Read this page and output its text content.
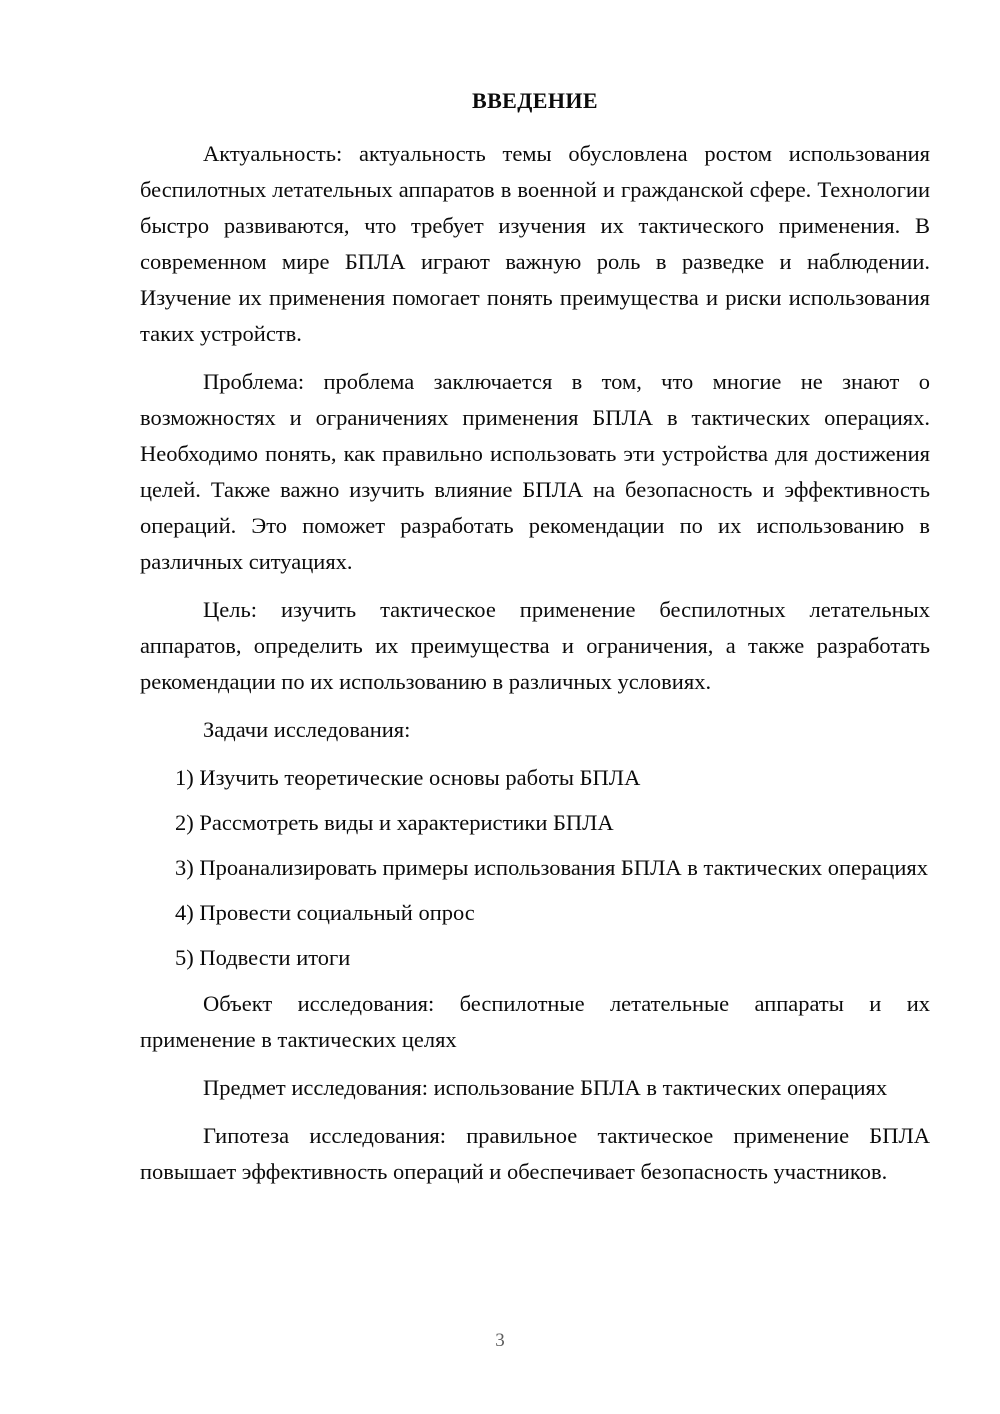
ВВЕДЕНИЕ

Актуальность: актуальность темы обусловлена ростом использования беспилотных летательных аппаратов в военной и гражданской сфере. Технологии быстро развиваются, что требует изучения их тактического применения. В современном мире БПЛА играют важную роль в разведке и наблюдении. Изучение их применения помогает понять преимущества и риски использования таких устройств.

Проблема: проблема заключается в том, что многие не знают о возможностях и ограничениях применения БПЛА в тактических операциях. Необходимо понять, как правильно использовать эти устройства для достижения целей. Также важно изучить влияние БПЛА на безопасность и эффективность операций. Это поможет разработать рекомендации по их использованию в различных ситуациях.

Цель: изучить тактическое применение беспилотных летательных аппаратов, определить их преимущества и ограничения, а также разработать рекомендации по их использованию в различных условиях.

Задачи исследования:

1) Изучить теоретические основы работы БПЛА
2) Рассмотреть виды и характеристики БПЛА
3) Проанализировать примеры использования БПЛА в тактических операциях
4) Провести социальный опрос
5) Подвести итоги

Объект исследования: беспилотные летательные аппараты и их применение в тактических целях

Предмет исследования: использование БПЛА в тактических операциях

Гипотеза исследования: правильное тактическое применение БПЛА повышает эффективность операций и обеспечивает безопасность участников.

3
